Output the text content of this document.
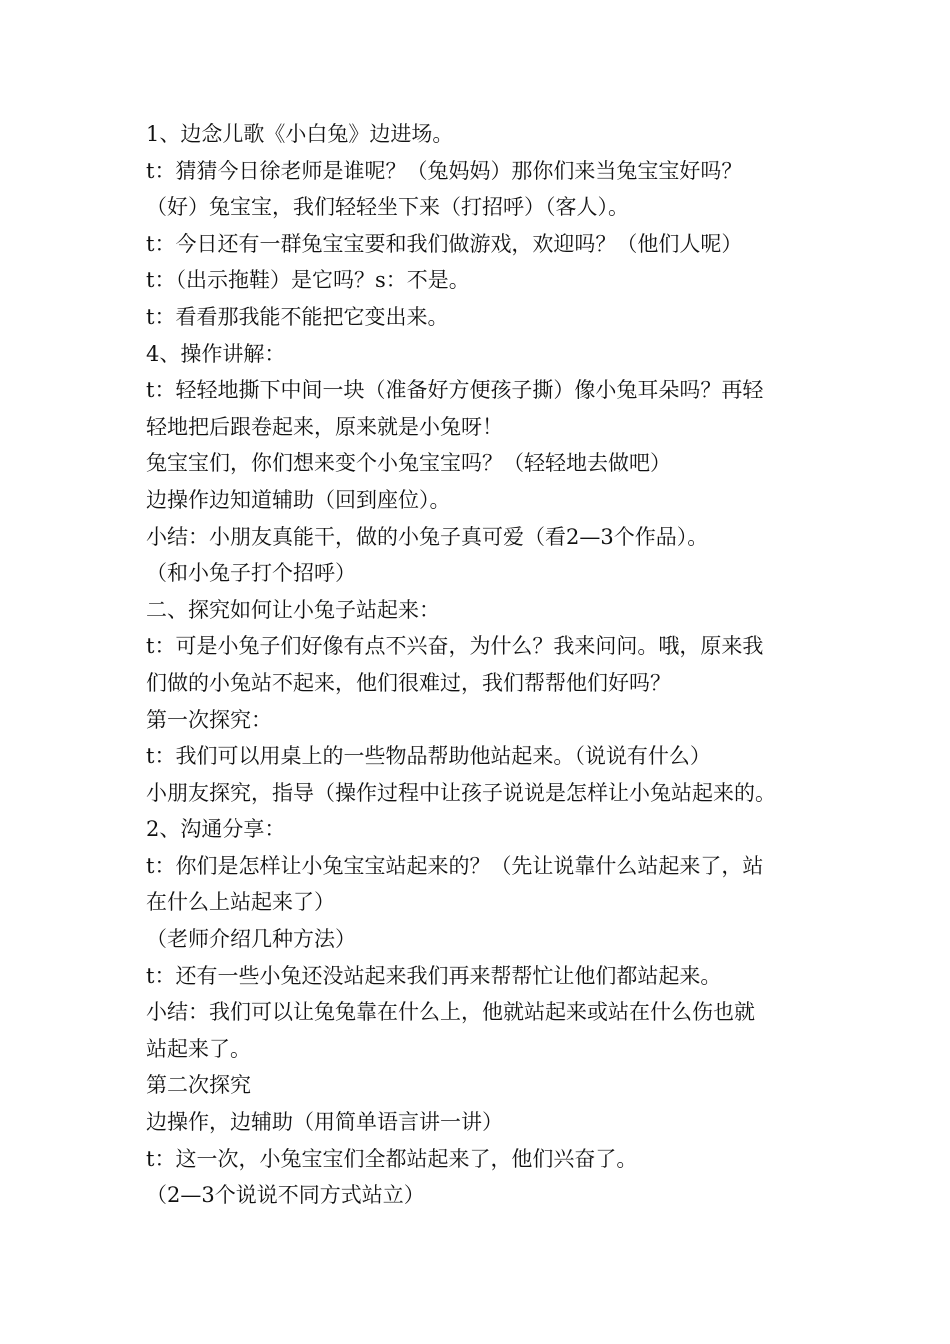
1、边念儿歌《小白兔》边进场。
t：猜猜今日徐老师是谁呢？（兔妈妈）那你们来当兔宝宝好吗？
（好）兔宝宝，我们轻轻坐下来（打招呼）（客人）。
t：今日还有一群兔宝宝要和我们做游戏，欢迎吗？（他们人呢）
t：（出示拖鞋）是它吗？s：不是。
t：看看那我能不能把它变出来。
4、操作讲解：
t：轻轻地撕下中间一块（准备好方便孩子撕）像小兔耳朵吗？再轻
轻地把后跟卷起来，原来就是小兔呀！
兔宝宝们，你们想来变个小兔宝宝吗？（轻轻地去做吧）
边操作边知道辅助（回到座位）。
小结：小朋友真能干，做的小兔子真可爱（看2—3个作品）。
（和小兔子打个招呼）
二、探究如何让小兔子站起来：
t：可是小兔子们好像有点不兴奋，为什么？我来问问。哦，原来我
们做的小兔站不起来，他们很难过，我们帮帮他们好吗？
第一次探究：
t：我们可以用桌上的一些物品帮助他站起来。（说说有什么）
小朋友探究，指导（操作过程中让孩子说说是怎样让小兔站起来的。
2、沟通分享：
t：你们是怎样让小兔宝宝站起来的？（先让说靠什么站起来了，站
在什么上站起来了）
（老师介绍几种方法）
t：还有一些小兔还没站起来我们再来帮帮忙让他们都站起来。
小结：我们可以让兔兔靠在什么上，他就站起来或站在什么伤也就
站起来了。
第二次探究
边操作，边辅助（用简单语言讲一讲）
t：这一次，小兔宝宝们全都站起来了，他们兴奋了。
（2—3个说说不同方式站立）
